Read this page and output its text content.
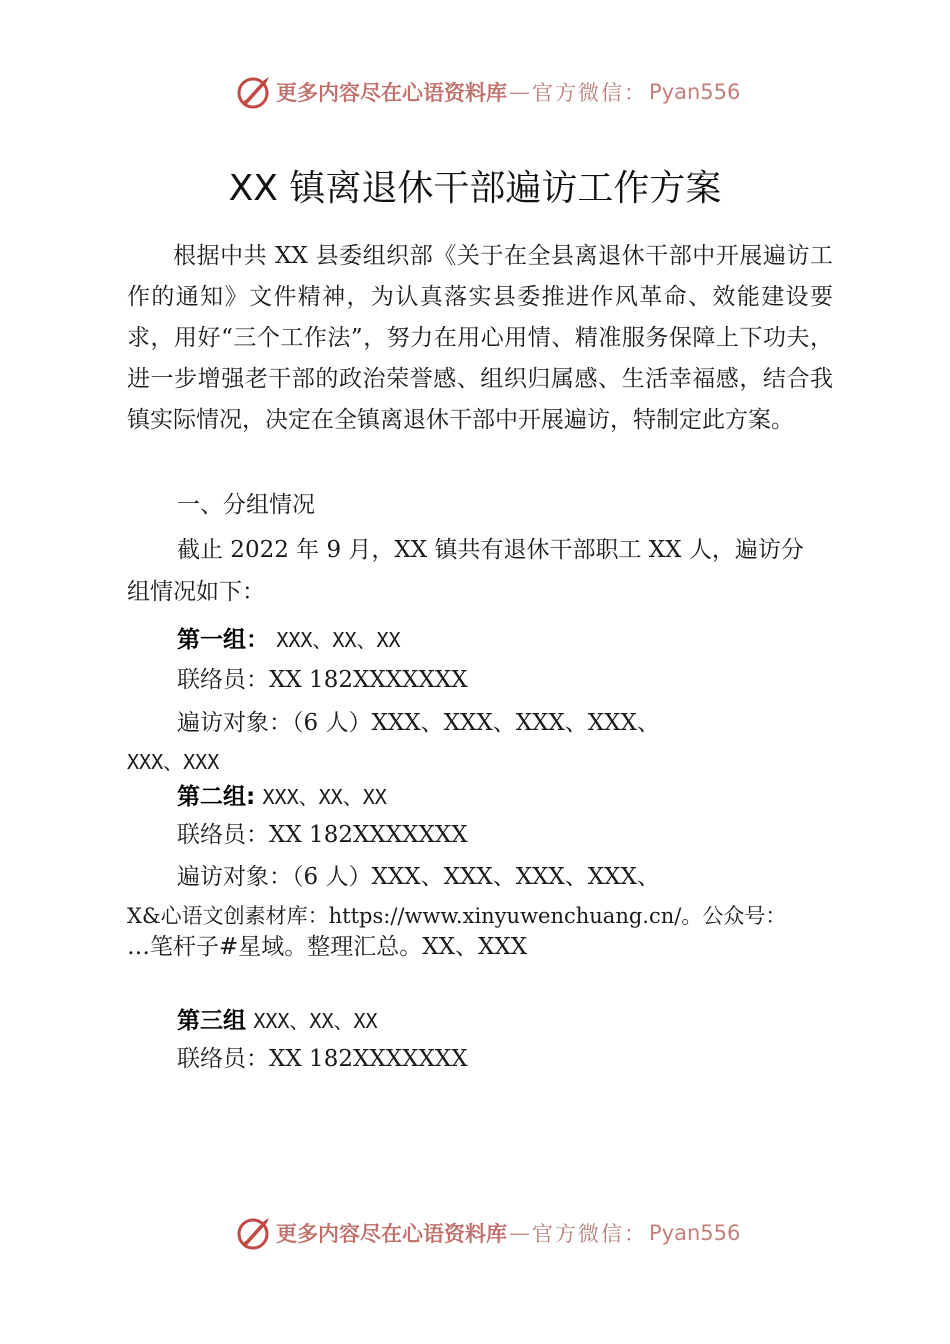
更多内容尽在心语资料库 — 官方微信： Pyan556
XX 镇离退休干部遍访工作方案
根据中共 XX 县委组织部《关于在全县离退休干部中开展遍访工作的通知》文件精神，为认真落实县委推进作风革命、效能建设要求，用好“三个工作法”，努力在用心用情、精准服务保障上下功夫，进一步增强老干部的政治荣誉感、组织归属感、生活幸福感，结合我镇实际情况，决定在全镇离退休干部中开展遍访，特制定此方案。
一、分组情况
截止 2022 年 9 月，XX 镇共有退休干部职工 XX 人，遍访分
组情况如下：
第一组： XXX、XX、XX
联络员：XX 182XXXXXXX
遍访对象：（6 人）XXX、XXX、XXX、XXX、
XXX、XXX
第二组: XXX、XX、XX
联络员：XX 182XXXXXXX
遍访对象：（6 人）XXX、XXX、XXX、XXX、
X&心语文创素材库：https://www.xinyuwenchuang.cn/。公众号：
…笔杆子#星域。整理汇总。XX、XXX
第三组 XXX、XX、XX
联络员：XX 182XXXXXXX
更多内容尽在心语资料库 — 官方微信： Pyan556
